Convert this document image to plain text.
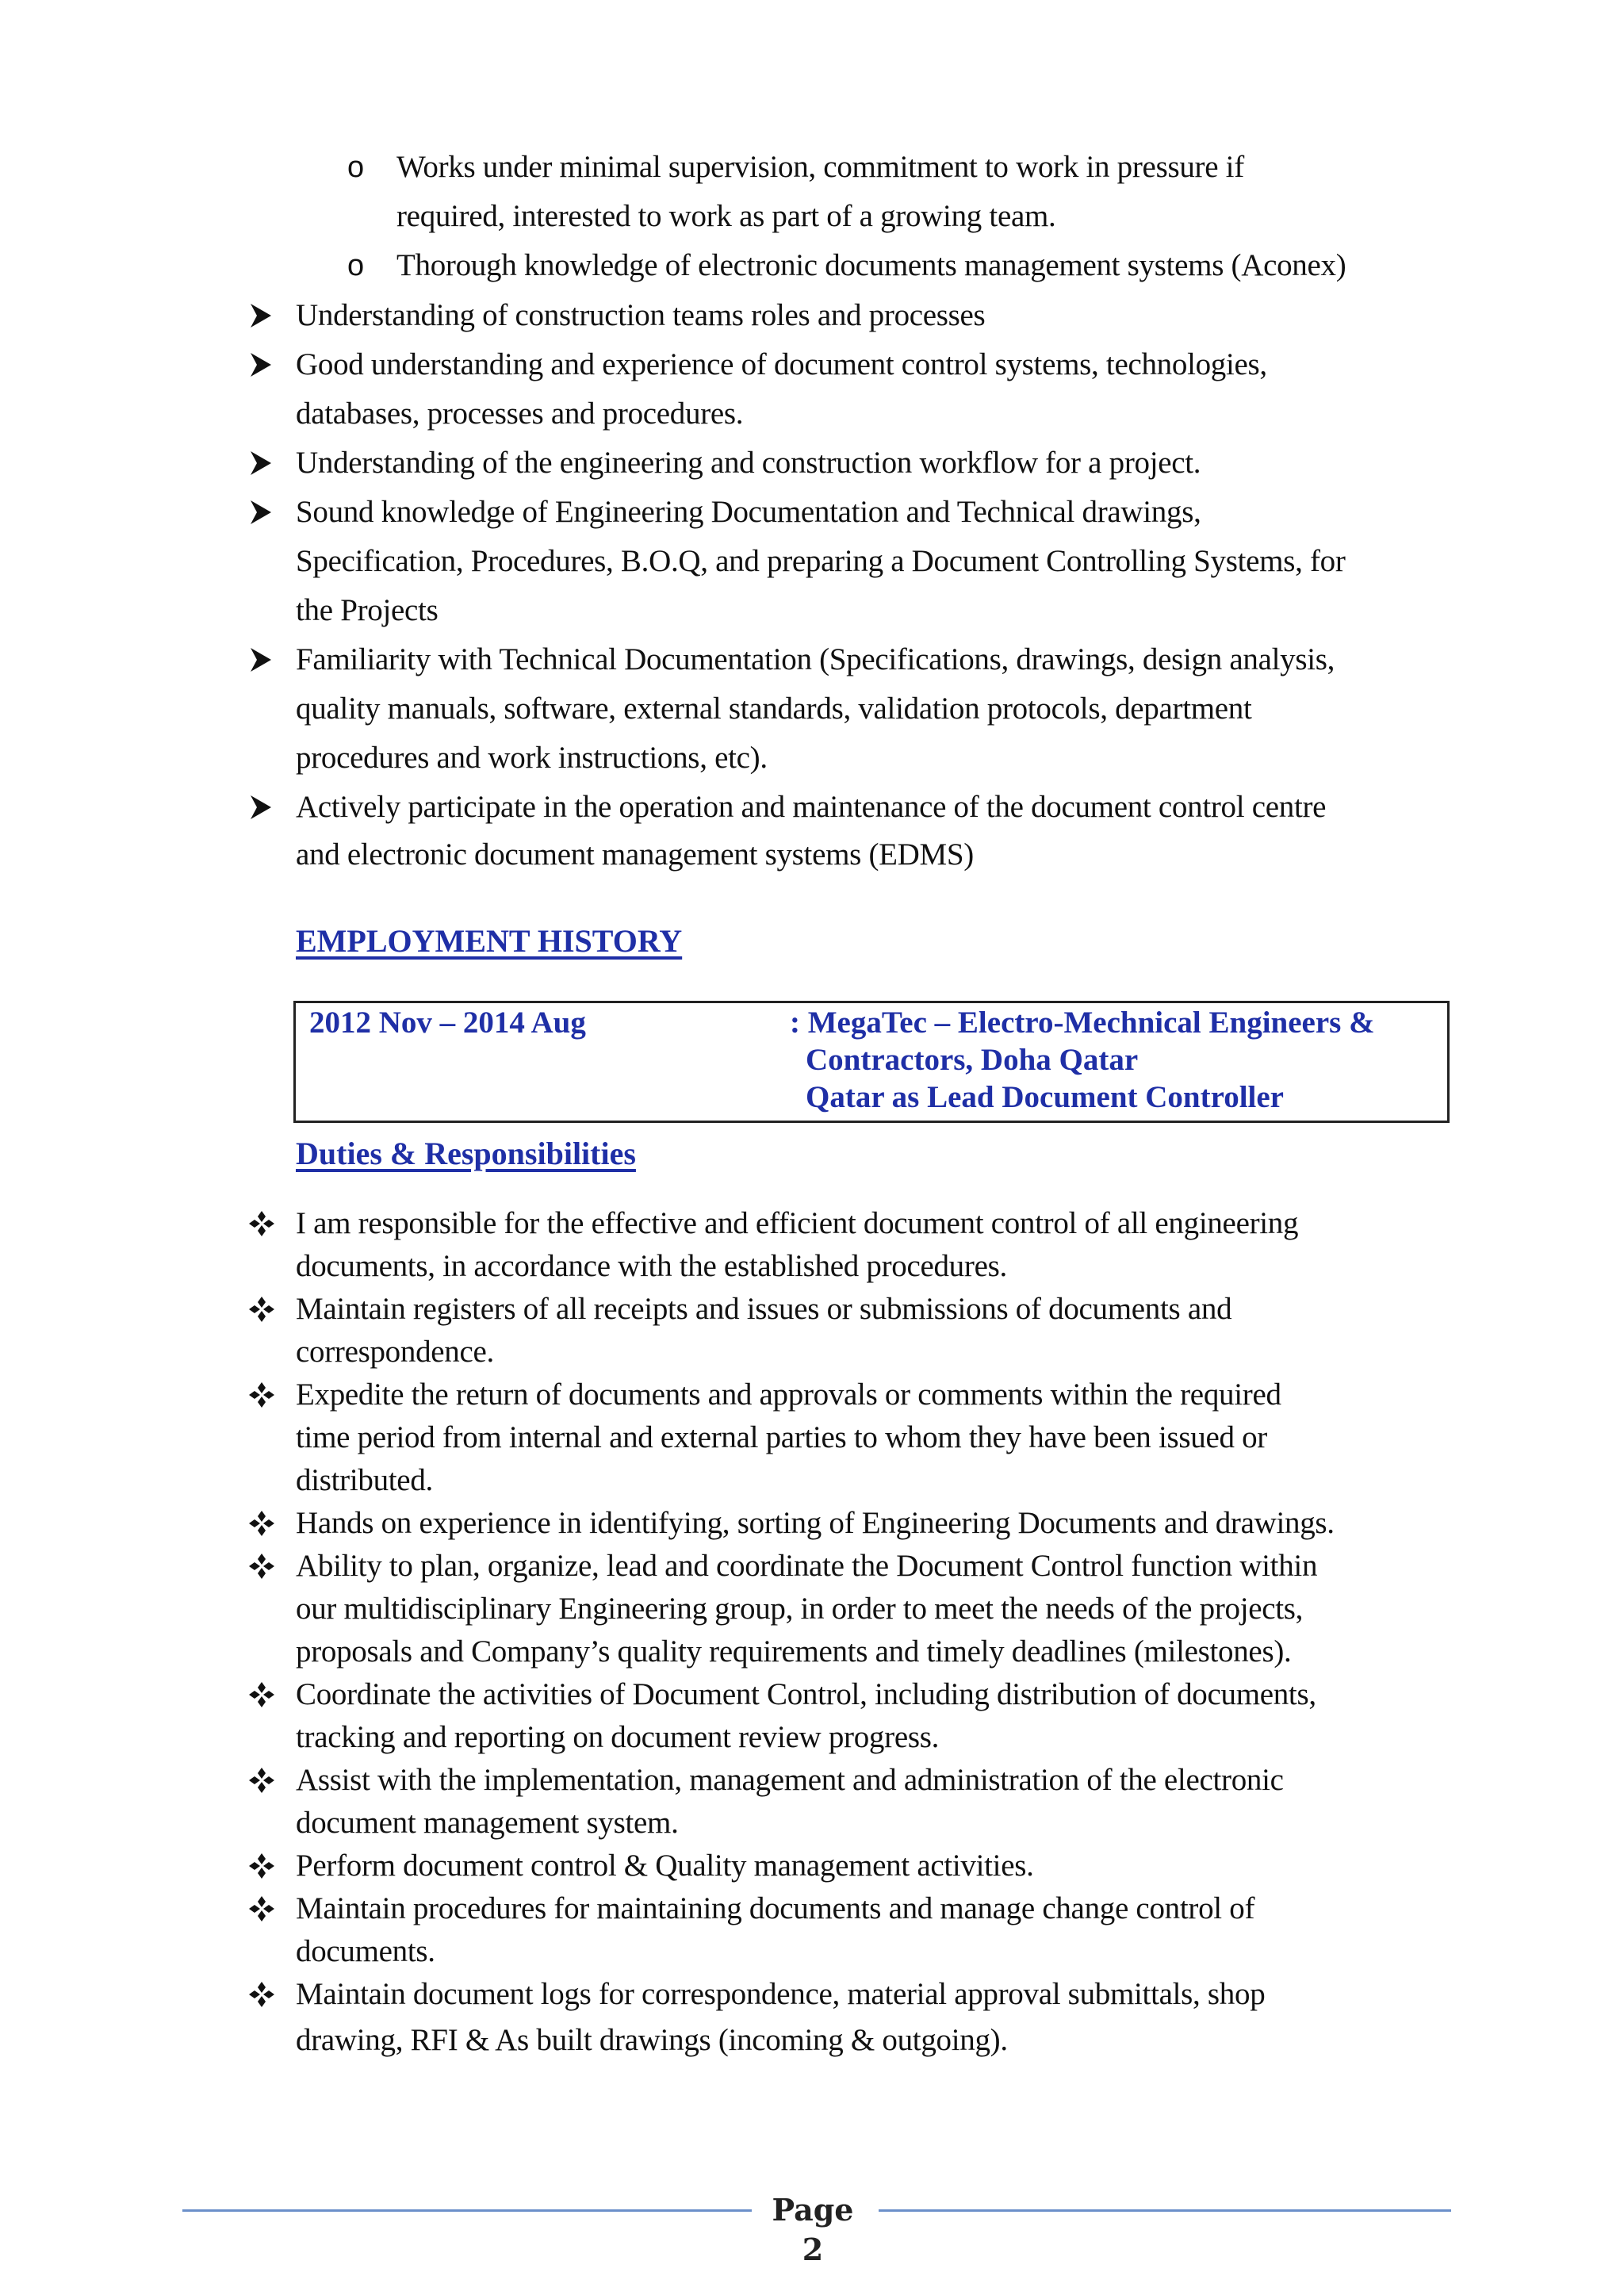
o Works under minimal supervision, commitment to work in pressure if
required, interested to work as part of a growing team.
o Thorough knowledge of electronic documents management systems (Aconex)
Understanding of construction teams roles and processes
Good understanding and experience of document control systems, technologies,
databases, processes and procedures.
Understanding of the engineering and construction workflow for a project.
Sound knowledge of Engineering Documentation and Technical drawings,
Specification, Procedures, B.O.Q, and preparing a Document Controlling Systems, for
the Projects
Familiarity with Technical Documentation (Specifications, drawings, design analysis,
quality manuals, software, external standards, validation protocols, department
procedures and work instructions, etc).
Actively participate in the operation and maintenance of the document control centre
and electronic document management systems (EDMS)
EMPLOYMENT HISTORY
2012 Nov – 2014 Aug	: MegaTec – Electro-Mechnical Engineers &
Contractors, Doha Qatar
Qatar as Lead Document Controller
Duties & Responsibilities
I am responsible for the effective and efficient document control of all engineering
documents, in accordance with the established procedures.
Maintain registers of all receipts and issues or submissions of documents and
correspondence.
Expedite the return of documents and approvals or comments within the required
time period from internal and external parties to whom they have been issued or
distributed.
Hands on experience in identifying, sorting of Engineering Documents and drawings.
Ability to plan, organize, lead and coordinate the Document Control function within
our multidisciplinary Engineering group, in order to meet the needs of the projects,
proposals and Company’s quality requirements and timely deadlines (milestones).
Coordinate the activities of Document Control, including distribution of documents,
tracking and reporting on document review progress.
Assist with the implementation, management and administration of the electronic
document management system.
Perform document control & Quality management activities.
Maintain procedures for maintaining documents and manage change control of
documents.
Maintain document logs for correspondence, material approval submittals, shop
drawing, RFI & As built drawings (incoming & outgoing).
Page 2
